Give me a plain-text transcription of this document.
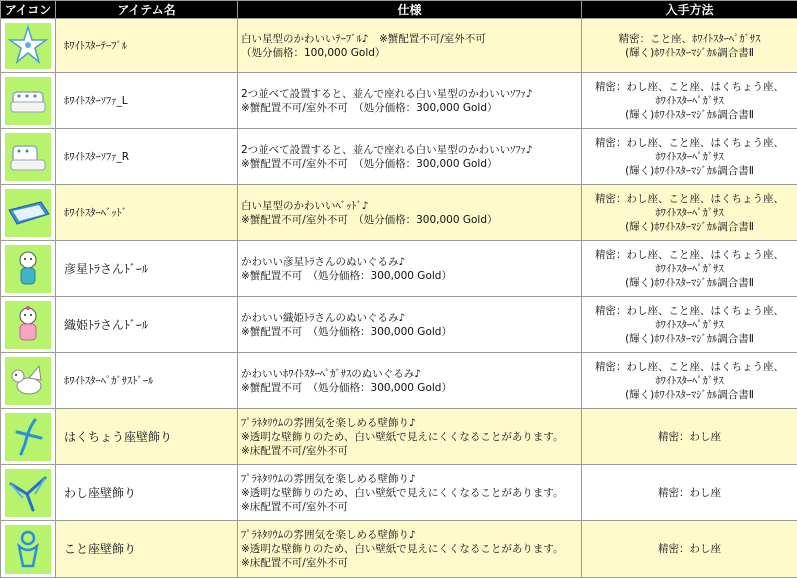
アイコン	アイテム名	仕様	入手方法

	ﾎﾜｲﾄｽﾀｰﾃｰﾌﾞﾙ	白い星型のかわいいﾃｰﾌﾞﾙ♪　※蟹配置不可/室外不可
（処分価格：100,000 Gold）	精密：こと座、ﾎﾜｲﾄｽﾀｰﾍﾟｶﾞｻｽ
(輝く)ﾎﾜｲﾄｽﾀｰﾏｼﾞｶﾙ調合書Ⅱ

	ﾎﾜｲﾄｽﾀｰｿﾌｧ_L	2つ並べて設置すると、並んで座れる白い星型のかわいいｿﾌｧ♪
※蟹配置不可/室外不可　（処分価格：300,000 Gold）	精密：わし座、こと座、はくちょう座、
ﾎﾜｲﾄｽﾀｰﾍﾟｶﾞｻｽ
(輝く)ﾎﾜｲﾄｽﾀｰﾏｼﾞｶﾙ調合書Ⅱ

	ﾎﾜｲﾄｽﾀｰｿﾌｧ_R	2つ並べて設置すると、並んで座れる白い星型のかわいいｿﾌｧ♪
※蟹配置不可/室外不可　（処分価格：300,000 Gold）	精密：わし座、こと座、はくちょう座、
ﾎﾜｲﾄｽﾀｰﾍﾟｶﾞｻｽ
(輝く)ﾎﾜｲﾄｽﾀｰﾏｼﾞｶﾙ調合書Ⅱ

	ﾎﾜｲﾄｽﾀｰﾍﾞｯﾄﾞ	白い星型のかわいいﾍﾞｯﾄﾞ♪
※蟹配置不可/室外不可　（処分価格：300,000 Gold）	精密：わし座、こと座、はくちょう座、
ﾎﾜｲﾄｽﾀｰﾍﾟｶﾞｻｽ
(輝く)ﾎﾜｲﾄｽﾀｰﾏｼﾞｶﾙ調合書Ⅱ

	彦星ﾄﾗさんﾄﾞｰﾙ	かわいい彦星ﾄﾗさんのぬいぐるみ♪
※蟹配置不可　（処分価格：300,000 Gold）	精密：わし座、こと座、はくちょう座、
ﾎﾜｲﾄｽﾀｰﾍﾟｶﾞｻｽ
(輝く)ﾎﾜｲﾄｽﾀｰﾏｼﾞｶﾙ調合書Ⅱ

	織姫ﾄﾗさんﾄﾞｰﾙ	かわいい織姫ﾄﾗさんのぬいぐるみ♪
※蟹配置不可　（処分価格：300,000 Gold）	精密：わし座、こと座、はくちょう座、
ﾎﾜｲﾄｽﾀｰﾍﾟｶﾞｻｽ
(輝く)ﾎﾜｲﾄｽﾀｰﾏｼﾞｶﾙ調合書Ⅱ

	ﾎﾜｲﾄｽﾀｰﾍﾟｶﾞｻｽﾄﾞｰﾙ	かわいいﾎﾜｲﾄｽﾀｰﾍﾟｶﾞｻｽのぬいぐるみ♪
※蟹配置不可　（処分価格：300,000 Gold）	精密：わし座、こと座、はくちょう座、
ﾎﾜｲﾄｽﾀｰﾍﾟｶﾞｻｽ
(輝く)ﾎﾜｲﾄｽﾀｰﾏｼﾞｶﾙ調合書Ⅱ

	はくちょう座壁飾り	ﾌﾟﾗﾈﾀﾘｳﾑの雰囲気を楽しめる壁飾り♪
※透明な壁飾りのため、白い壁紙で見えにくくなることがあります。
※床配置不可/室外不可	精密：わし座

	わし座壁飾り	ﾌﾟﾗﾈﾀﾘｳﾑの雰囲気を楽しめる壁飾り♪
※透明な壁飾りのため、白い壁紙で見えにくくなることがあります。
※床配置不可/室外不可	精密：わし座

	こと座壁飾り	ﾌﾟﾗﾈﾀﾘｳﾑの雰囲気を楽しめる壁飾り♪
※透明な壁飾りのため、白い壁紙で見えにくくなることがあります。
※床配置不可/室外不可	精密：わし座
